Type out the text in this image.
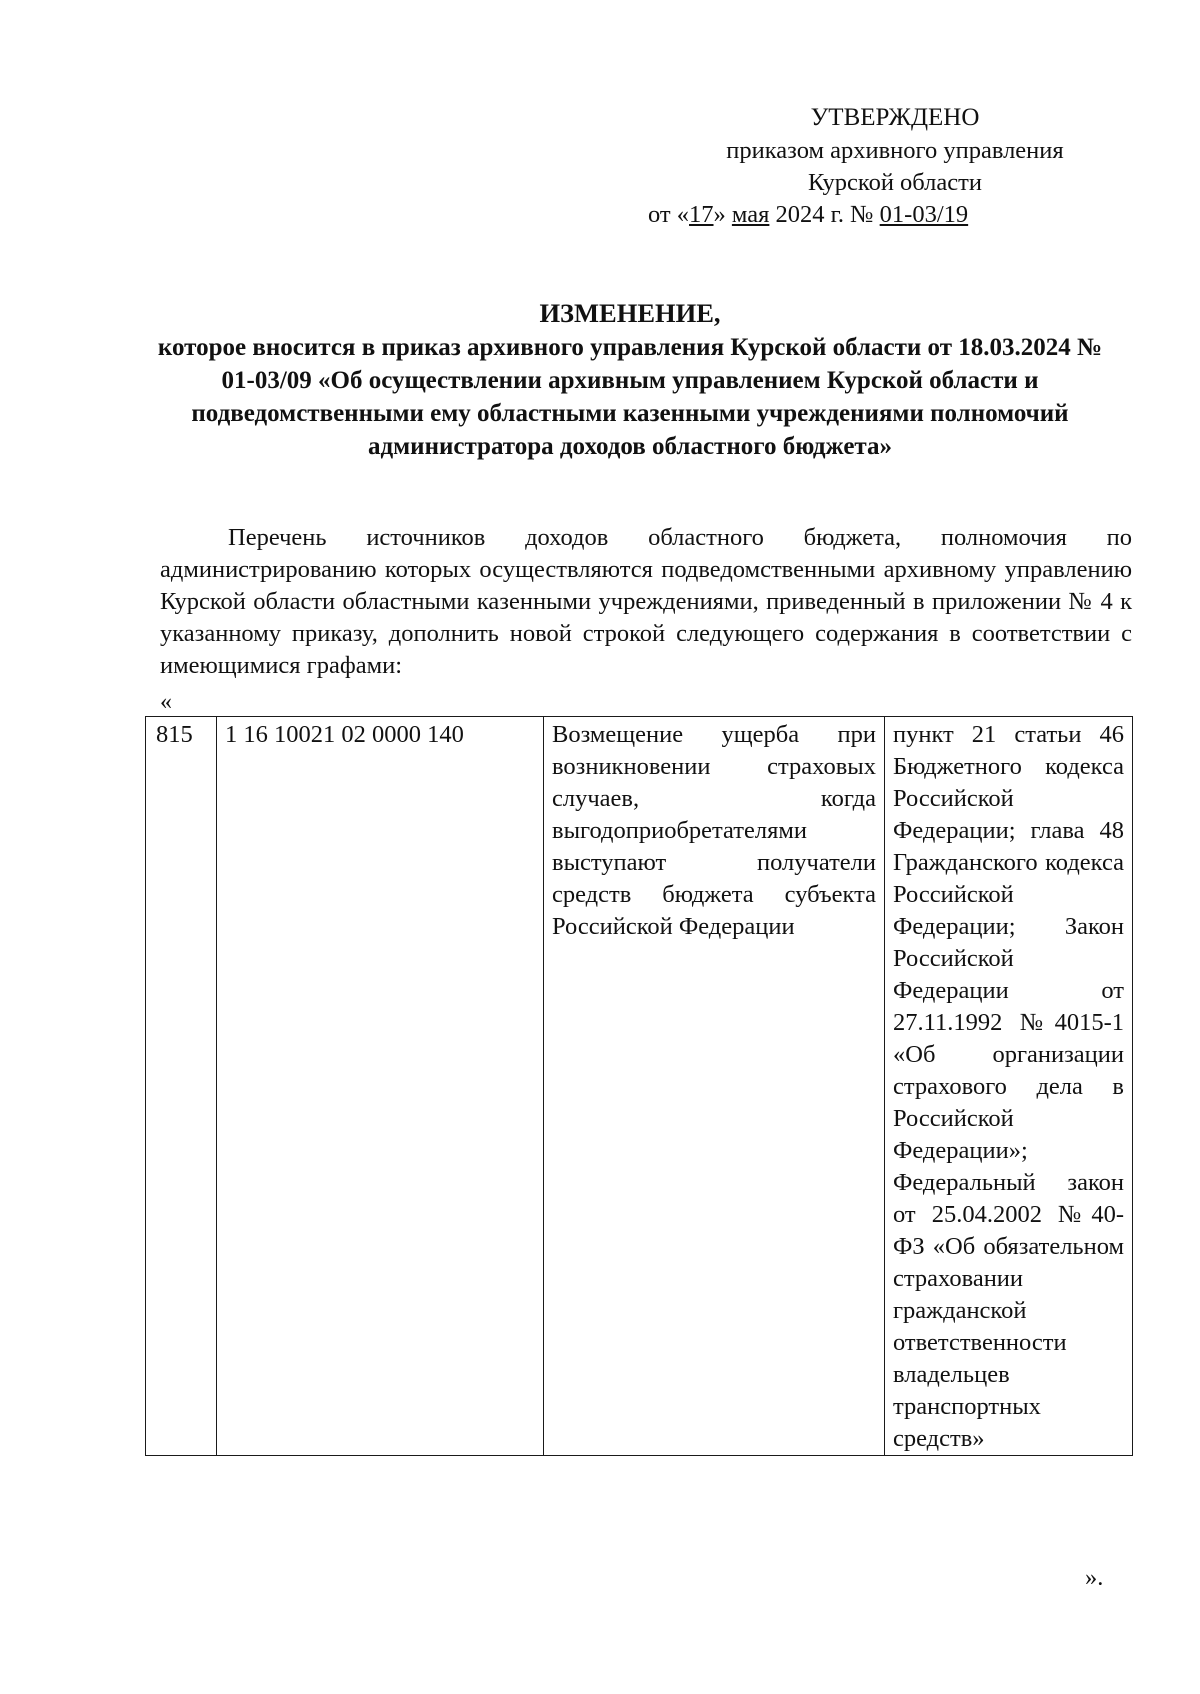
УТВЕРЖДЕНО
приказом архивного управления
Курской области
от «17» мая 2024 г. № 01-03/19
ИЗМЕНЕНИЕ,
которое вносится в приказ архивного управления Курской области от 18.03.2024 № 01-03/09 «Об осуществлении архивным управлением Курской области и подведомственными ему областными казенными учреждениями полномочий администратора доходов областного бюджета»
Перечень источников доходов областного бюджета, полномочия по администрированию которых осуществляются подведомственными архивному управлению Курской области областными казенными учреждениями, приведенный в приложении № 4 к указанному приказу, дополнить новой строкой следующего содержания в соответствии с имеющимися графами:
«
815	1 16 10021 02 0000 140	Возмещение ущерба при возникновении страховых случаев, когда выгодоприобретателями выступают получатели средств бюджета субъекта Российской Федерации	пункт 21 статьи 46 Бюджетного кодекса Российской Федерации; глава 48 Гражданского кодекса Российской Федерации; Закон Российской Федерации от 27.11.1992 №4015-1 «Об организации страхового дела в Российской Федерации»; Федеральный закон от 25.04.2002 №40-ФЗ «Об обязательном страховании гражданской ответственности владельцев транспортных средств»
».
